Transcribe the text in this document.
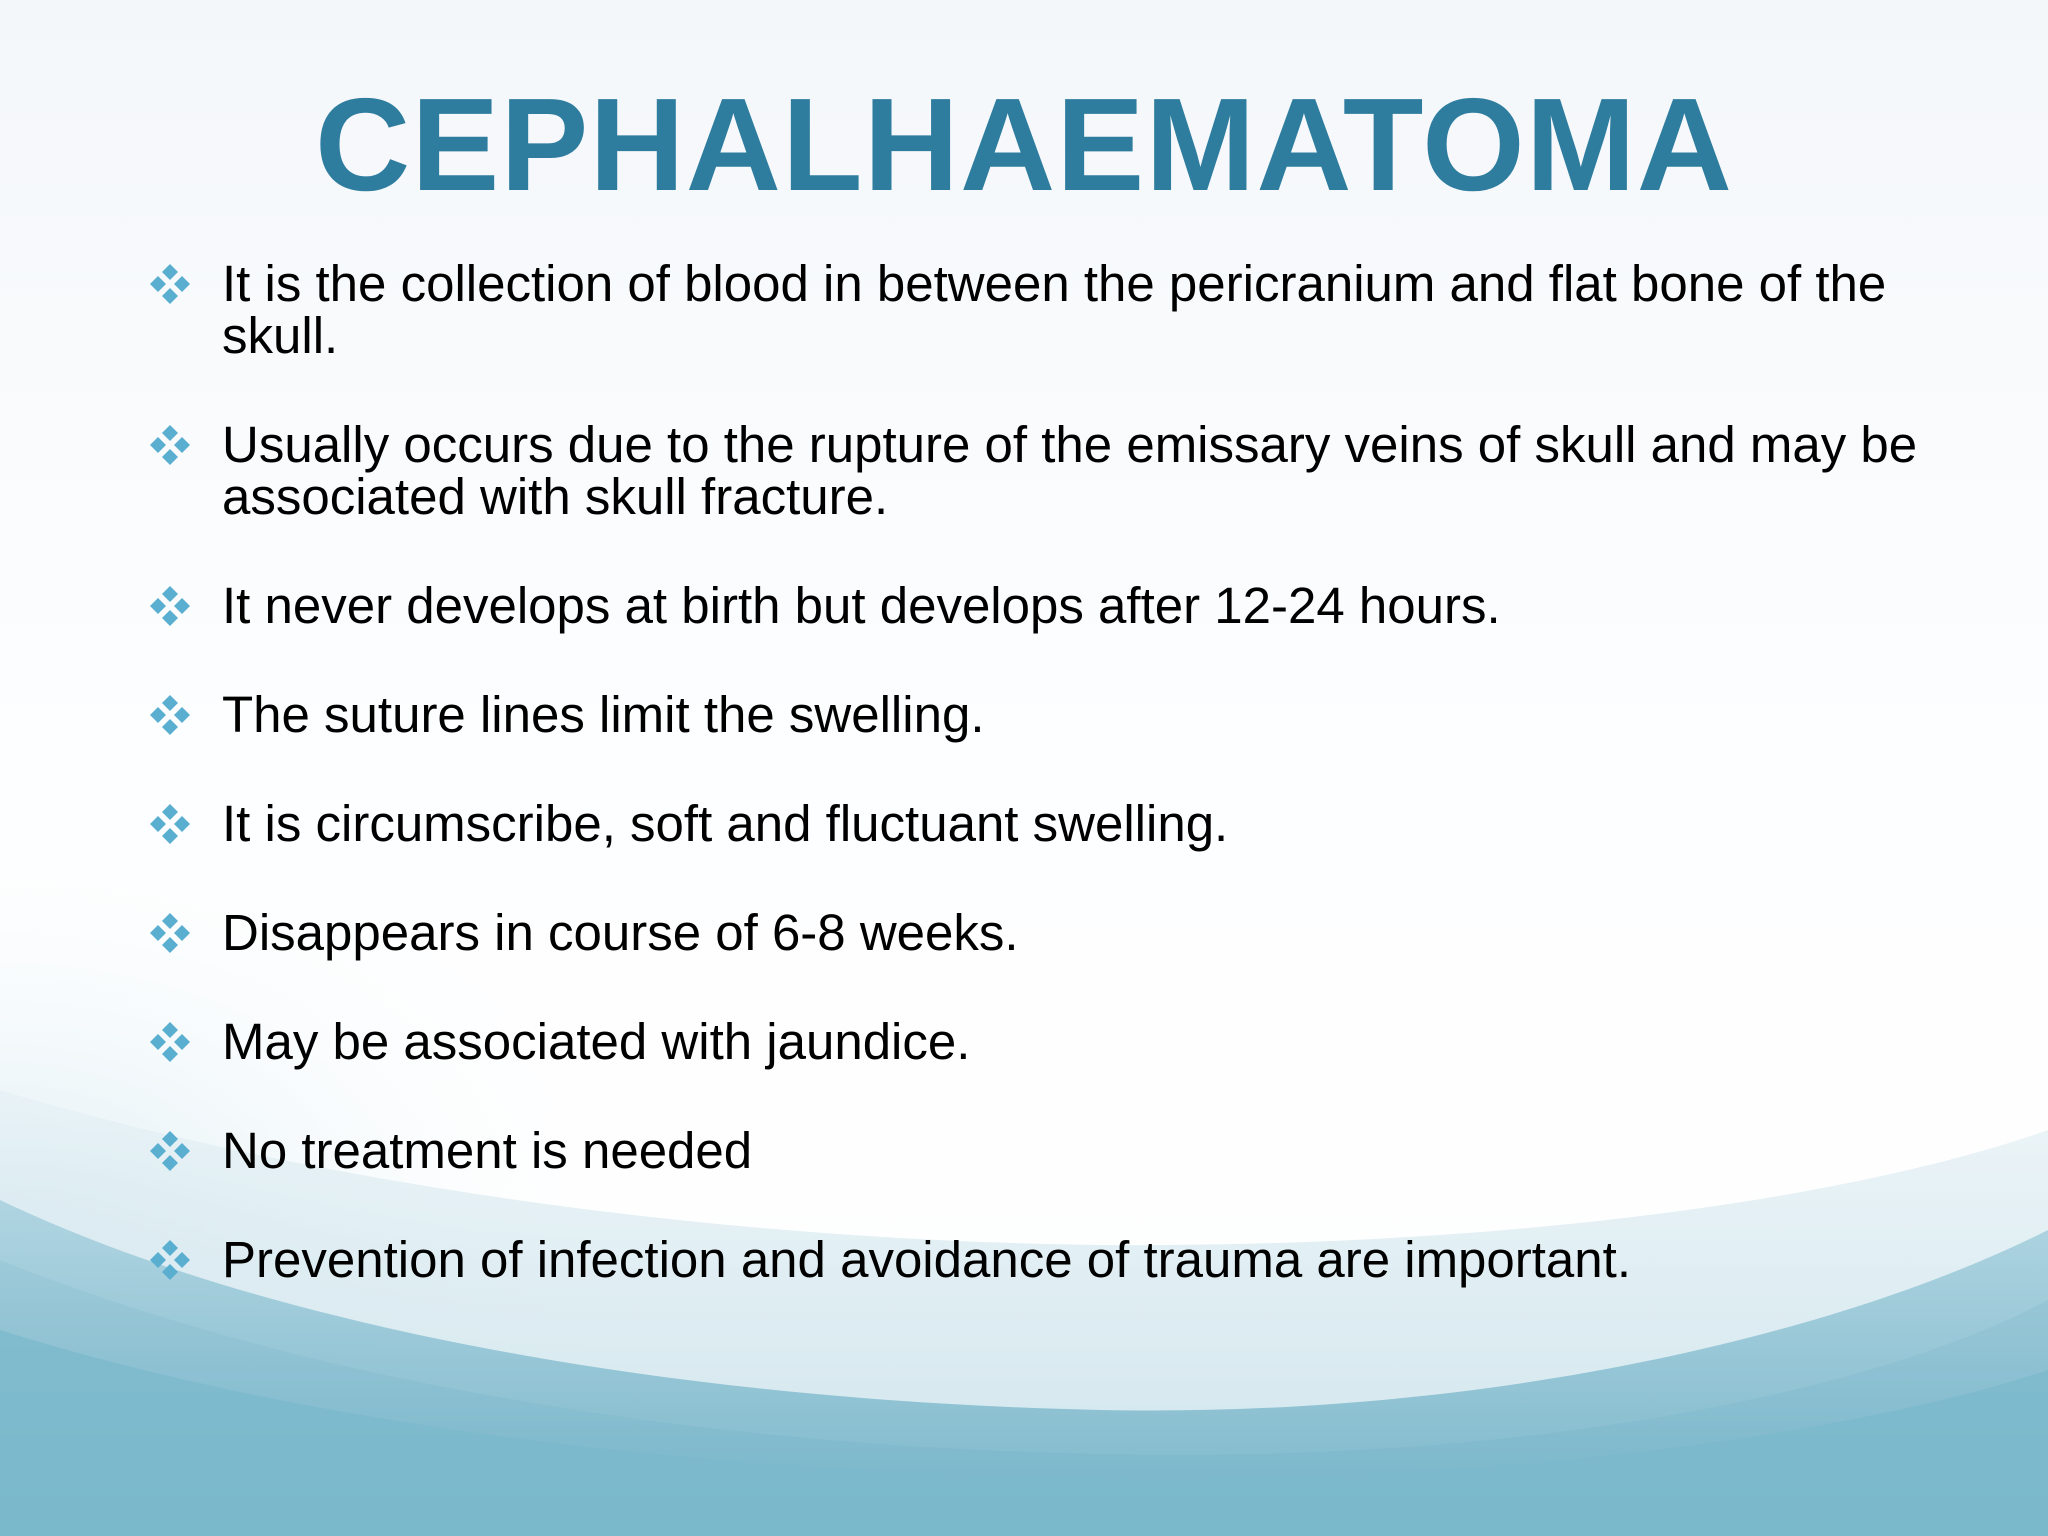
CEPHALHAEMATOMA
It is the collection of blood in between the pericranium and flat bone of the skull.
Usually occurs due to the rupture of the emissary veins of skull and may be associated with skull fracture.
It never develops at birth but develops after 12-24 hours.
The suture lines limit the swelling.
It is circumscribe, soft and fluctuant swelling.
Disappears in course of 6-8 weeks.
May be associated with jaundice.
No treatment is needed
Prevention of infection and avoidance of trauma are important.
